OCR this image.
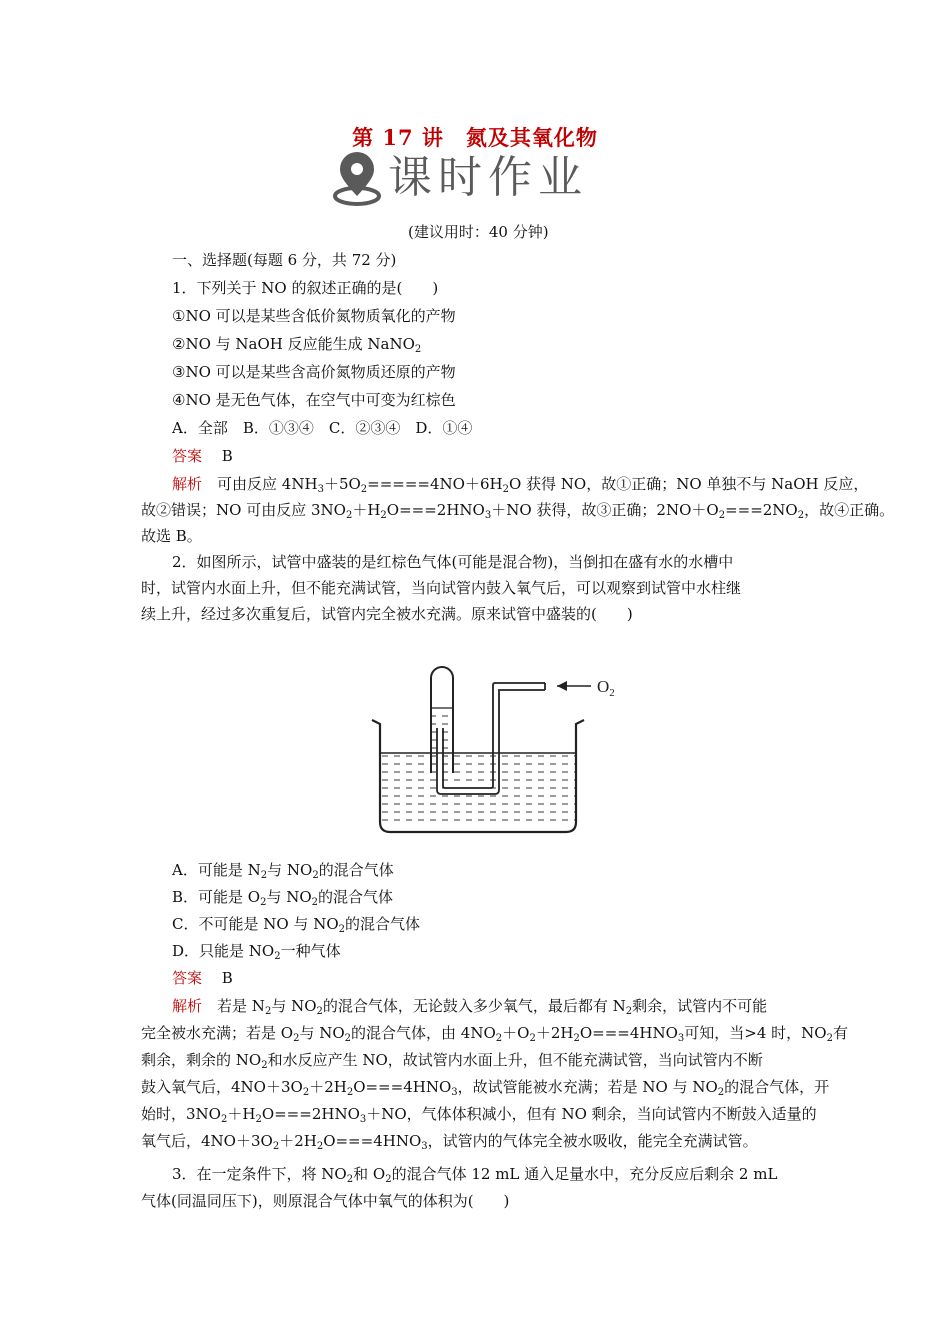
第 17 讲　氮及其氧化物
课时作业
(建议用时：40 分钟)
一、选择题(每题 6 分，共 72 分)
1．下列关于 NO 的叙述正确的是(　　)
①NO 可以是某些含低价氮物质氧化的产物
②NO 与 NaOH 反应能生成 NaNO$_2$
③NO 可以是某些含高价氮物质还原的产物
④NO 是无色气体，在空气中可变为红棕色
A．全部　B．①③④　C．②③④　D．①④
答案　 B
解析　 可由反应 $4NH_3+5O_2=====4NO+6H_2O$ 获得 NO，故①正确；NO 单独不与 NaOH 反应，
故②错误；NO 可由反应 $3NO_2+H_2O===2HNO_3+NO$ 获得，故③正确；$2NO+O_2===2NO_2$，故④正确。
故选 B。
2．如图所示，试管中盛装的是红棕色气体(可能是混合物)，当倒扣在盛有水的水槽中
时，试管内水面上升，但不能充满试管，当向试管内鼓入氧气后，可以观察到试管中水柱继
续上升，经过多次重复后，试管内完全被水充满。原来试管中盛装的(　　)
$O_2$
A．可能是 $N_2$与 $NO_2$的混合气体
B．可能是 $O_2$与 $NO_2$的混合气体
C．不可能是 NO 与 $NO_2$的混合气体
D．只能是 $NO_2$一种气体
答案　 B
解析　 若是 $N_2$与 $NO_2$的混合气体，无论鼓入多少氧气，最后都有 $N_2$剩余，试管内不可能
完全被水充满；若是 $O_2$与 $NO_2$的混合气体，由 $4NO_2+O_2+2H_2O===4HNO_3$可知，当>4 时，$NO_2$有
剩余，剩余的 $NO_2$和水反应产生 NO，故试管内水面上升，但不能充满试管，当向试管内不断
鼓入氧气后，$4NO+3O_2+2H_2O===4HNO_3$，故试管能被水充满；若是 NO 与 $NO_2$的混合气体，开
始时，$3NO_2+H_2O===2HNO_3+NO$，气体体积减小，但有 NO 剩余，当向试管内不断鼓入适量的
氧气后，$4NO+3O_2+2H_2O===4HNO_3$，试管内的气体完全被水吸收，能完全充满试管。
3．在一定条件下，将 $NO_2$和 $O_2$的混合气体 12 mL 通入足量水中，充分反应后剩余 2 mL
气体(同温同压下)，则原混合气体中氧气的体积为(　　)
